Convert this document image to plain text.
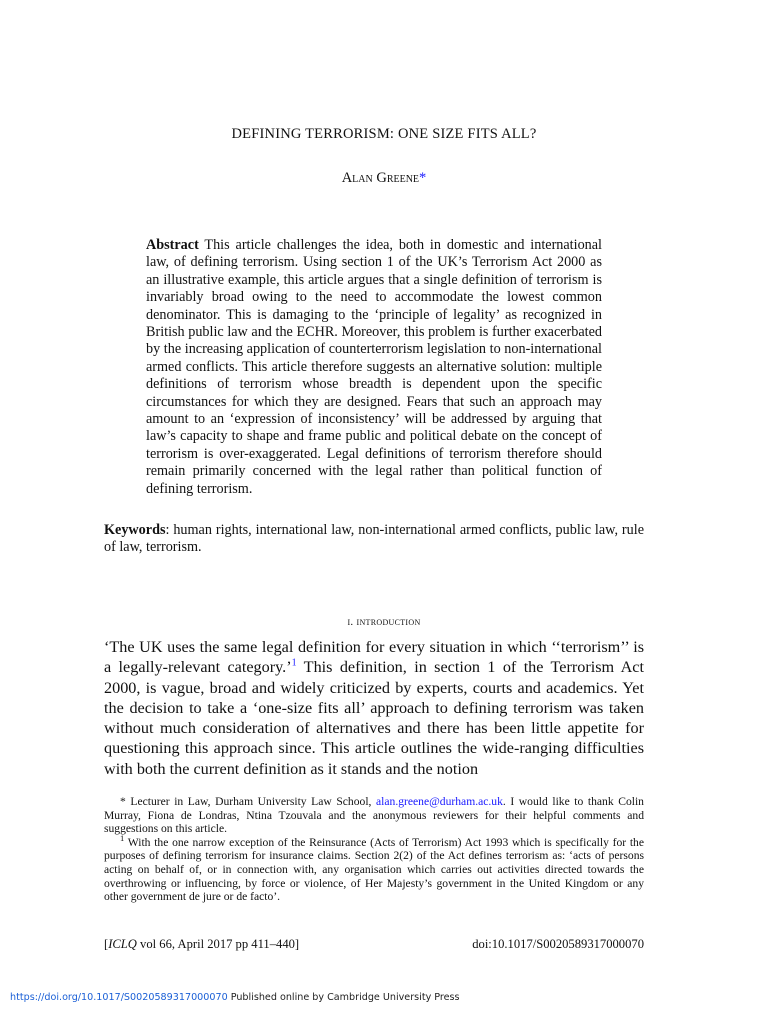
DEFINING TERRORISM: ONE SIZE FITS ALL?
Alan Greene*
Abstract This article challenges the idea, both in domestic and international law, of defining terrorism. Using section 1 of the UK’s Terrorism Act 2000 as an illustrative example, this article argues that a single definition of terrorism is invariably broad owing to the need to accommodate the lowest common denominator. This is damaging to the ‘principle of legality’ as recognized in British public law and the ECHR. Moreover, this problem is further exacerbated by the increasing application of counterterrorism legislation to non-international armed conflicts. This article therefore suggests an alternative solution: multiple definitions of terrorism whose breadth is dependent upon the specific circumstances for which they are designed. Fears that such an approach may amount to an ‘expression of inconsistency’ will be addressed by arguing that law’s capacity to shape and frame public and political debate on the concept of terrorism is over-exaggerated. Legal definitions of terrorism therefore should remain primarily concerned with the legal rather than political function of defining terrorism.
Keywords: human rights, international law, non-international armed conflicts, public law, rule of law, terrorism.
i. introduction
‘The UK uses the same legal definition for every situation in which ‘‘terrorism’’ is a legally-relevant category.’$^1$ This definition, in section 1 of the Terrorism Act 2000, is vague, broad and widely criticized by experts, courts and academics. Yet the decision to take a ‘one-size fits all’ approach to defining terrorism was taken without much consideration of alternatives and there has been little appetite for questioning this approach since. This article outlines the wide-ranging difficulties with both the current definition as it stands and the notion

* Lecturer in Law, Durham University Law School, alan.greene@durham.ac.uk. I would like to thank Colin Murray, Fiona de Londras, Ntina Tzouvala and the anonymous reviewers for their helpful comments and suggestions on this article.

$^1$ With the one narrow exception of the Reinsurance (Acts of Terrorism) Act 1993 which is specifically for the purposes of defining terrorism for insurance claims. Section 2(2) of the Act defines terrorism as: ‘acts of persons acting on behalf of, or in connection with, any organisation which carries out activities directed towards the overthrowing or influencing, by force or violence, of Her Majesty’s government in the United Kingdom or any other government de jure or de facto’.

[ICLQ vol 66, April 2017 pp 411–440]	doi:10.1017/S0020589317000070
https://doi.org/10.1017/S0020589317000070 Published online by Cambridge University Press
